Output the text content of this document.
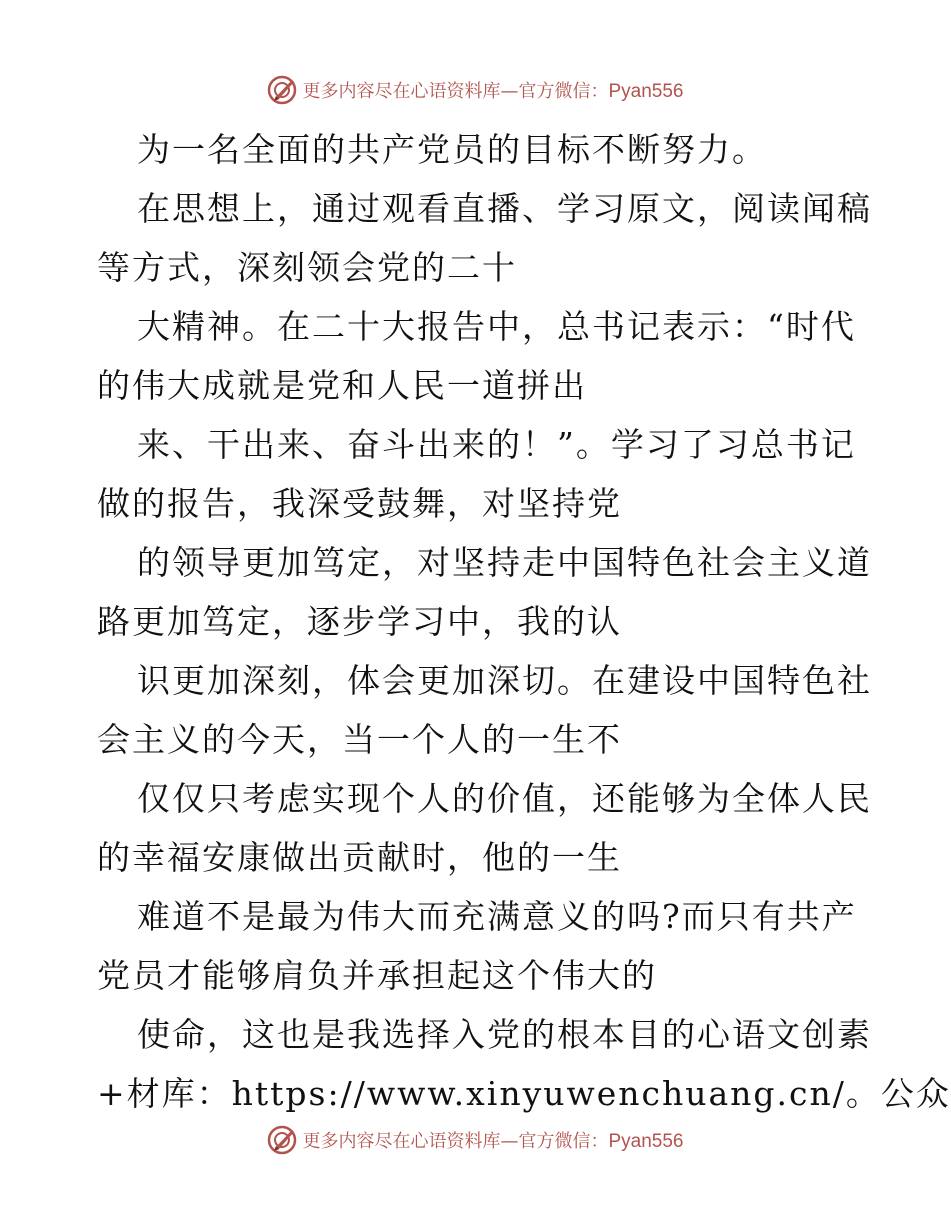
更多内容尽在心语资料库—官方微信：Pyan556
为一名全面的共产党员的目标不断努力。
在思想上，通过观看直播、学习原文，阅读闻稿
等方式，深刻领会党的二十
大精神。在二十大报告中，总书记表示：“时代
的伟大成就是党和人民一道拼出
来、干出来、奋斗出来的！”。学习了习总书记
做的报告，我深受鼓舞，对坚持党
的领导更加笃定，对坚持走中国特色社会主义道
路更加笃定，逐步学习中，我的认
识更加深刻，体会更加深切。在建设中国特色社
会主义的今天，当一个人的一生不
仅仅只考虑实现个人的价值，还能够为全体人民
的幸福安康做出贡献时，他的一生
难道不是最为伟大而充满意义的吗?而只有共产
党员才能够肩负并承担起这个伟大的
使命，这也是我选择入党的根本目的心语文创素
+材库：https://www.xinyuwenchuang.cn/。公众
更多内容尽在心语资料库—官方微信：Pyan556
